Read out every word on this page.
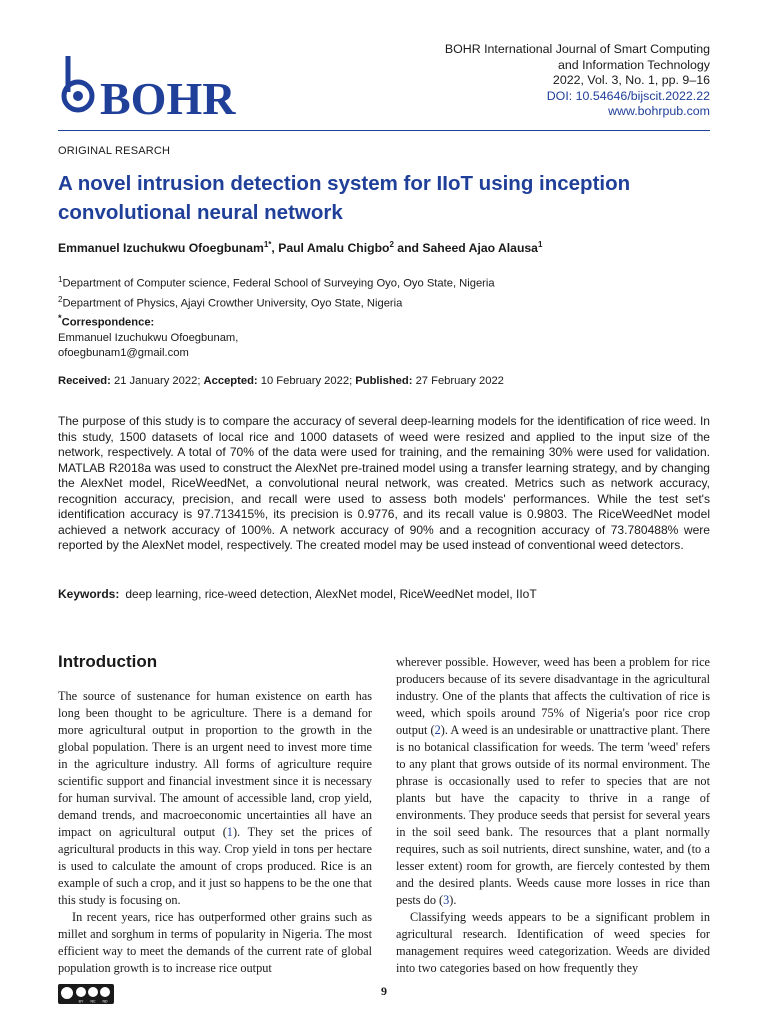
BOHR
BOHR International Journal of Smart Computing
and Information Technology
2022, Vol. 3, No. 1, pp. 9–16
DOI: 10.54646/bijscit.2022.22
www.bohrpub.com
ORIGINAL RESARCH
A novel intrusion detection system for IIoT using inception convolutional neural network
Emmanuel Izuchukwu Ofoegbunam$^{1*}$, Paul Amalu Chigbo$^2$ and Saheed Ajao Alausa$^1$
$^1$Department of Computer science, Federal School of Surveying Oyo, Oyo State, Nigeria
$^2$Department of Physics, Ajayi Crowther University, Oyo State, Nigeria
*Correspondence:
Emmanuel Izuchukwu Ofoegbunam,
ofoegbunam1@gmail.com
Received: 21 January 2022; Accepted: 10 February 2022; Published: 27 February 2022
The purpose of this study is to compare the accuracy of several deep-learning models for the identification of rice weed. In this study, 1500 datasets of local rice and 1000 datasets of weed were resized and applied to the input size of the network, respectively. A total of 70% of the data were used for training, and the remaining 30% were used for validation. MATLAB R2018a was used to construct the AlexNet pre-trained model using a transfer learning strategy, and by changing the AlexNet model, RiceWeedNet, a convolutional neural network, was created. Metrics such as network accuracy, recognition accuracy, precision, and recall were used to assess both models' performances. While the test set's identification accuracy is 97.713415%, its precision is 0.9776, and its recall value is 0.9803. The RiceWeedNet model achieved a network accuracy of 100%. A network accuracy of 90% and a recognition accuracy of 73.780488% were reported by the AlexNet model, respectively. The created model may be used instead of conventional weed detectors.
Keywords: deep learning, rice-weed detection, AlexNet model, RiceWeedNet model, IIoT
Introduction

The source of sustenance for human existence on earth has long been thought to be agriculture. There is a demand for more agricultural output in proportion to the growth in the global population. There is an urgent need to invest more time in the agriculture industry. All forms of agriculture require scientific support and financial investment since it is necessary for human survival. The amount of accessible land, crop yield, demand trends, and macroeconomic uncertainties all have an impact on agricultural output (1). They set the prices of agricultural products in this way. Crop yield in tons per hectare is used to calculate the amount of crops produced. Rice is an example of such a crop, and it just so happens to be the one that this study is focusing on.

In recent years, rice has outperformed other grains such as millet and sorghum in terms of popularity in Nigeria. The most efficient way to meet the demands of the current rate of global population growth is to increase rice output

wherever possible. However, weed has been a problem for rice producers because of its severe disadvantage in the agricultural industry. One of the plants that affects the cultivation of rice is weed, which spoils around 75% of Nigeria's poor rice crop output (2). A weed is an undesirable or unattractive plant. There is no botanical classification for weeds. The term 'weed' refers to any plant that grows outside of its normal environment. The phrase is occasionally used to refer to species that are not plants but have the capacity to thrive in a range of environments. They produce seeds that persist for several years in the soil seed bank. The resources that a plant normally requires, such as soil nutrients, direct sunshine, water, and (to a lesser extent) room for growth, are fiercely contested by them and the desired plants. Weeds cause more losses in rice than pests do (3).

Classifying weeds appears to be a significant problem in agricultural research. Identification of weed species for management requires weed categorization. Weeds are divided into two categories based on how frequently they

9
BY NC ND
